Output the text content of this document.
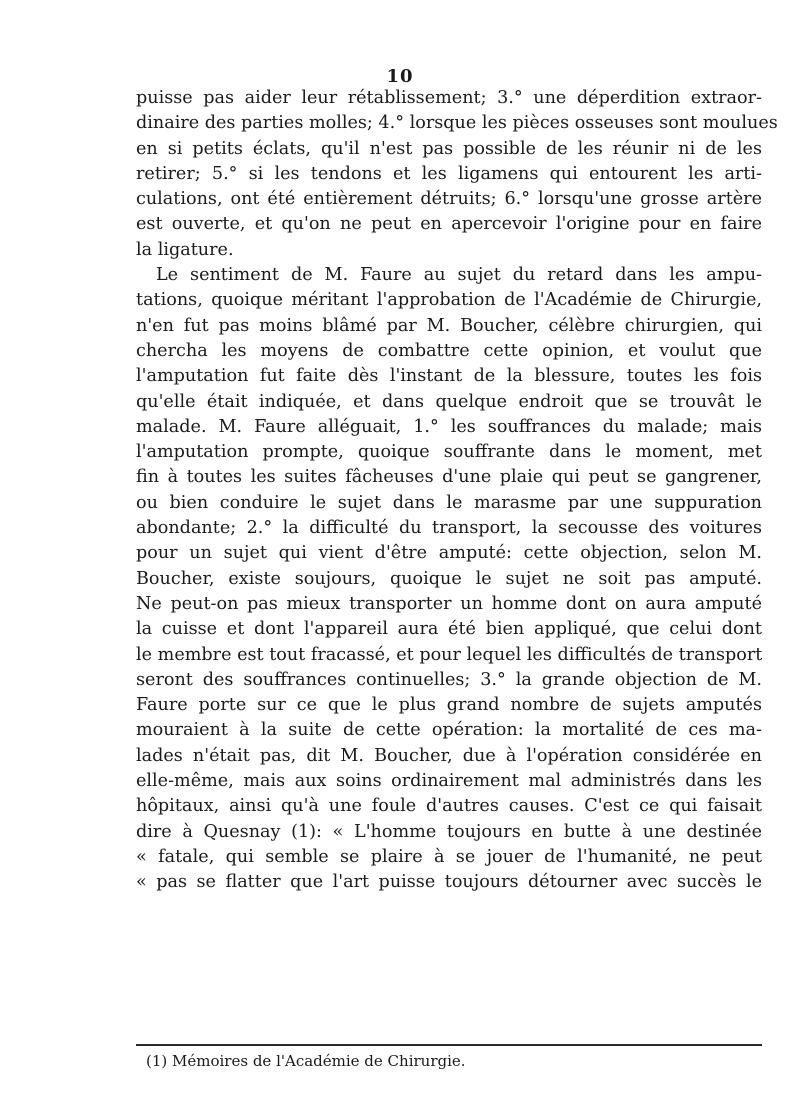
10
puisse pas aider leur rétablissement; 3.° une déperdition extraor-
dinaire des parties molles; 4.° lorsque les pièces osseuses sont moulues
en si petits éclats, qu'il n'est pas possible de les réunir ni de les
retirer; 5.° si les tendons et les ligamens qui entourent les arti-
culations, ont été entièrement détruits; 6.° lorsqu'une grosse artère
est ouverte, et qu'on ne peut en apercevoir l'origine pour en faire
la ligature.
Le sentiment de M. Faure au sujet du retard dans les ampu-
tations, quoique méritant l'approbation de l'Académie de Chirurgie,
n'en fut pas moins blâmé par M. Boucher, célèbre chirurgien, qui
chercha les moyens de combattre cette opinion, et voulut que
l'amputation fut faite dès l'instant de la blessure, toutes les fois
qu'elle était indiquée, et dans quelque endroit que se trouvât le
malade. M. Faure alléguait, 1.° les souffrances du malade; mais
l'amputation prompte, quoique souffrante dans le moment, met
fin à toutes les suites fâcheuses d'une plaie qui peut se gangrener,
ou bien conduire le sujet dans le marasme par une suppuration
abondante; 2.° la difficulté du transport, la secousse des voitures
pour un sujet qui vient d'être amputé: cette objection, selon M.
Boucher, existe soujours, quoique le sujet ne soit pas amputé.
Ne peut-on pas mieux transporter un homme dont on aura amputé
la cuisse et dont l'appareil aura été bien appliqué, que celui dont
le membre est tout fracassé, et pour lequel les difficultés de transport
seront des souffrances continuelles; 3.° la grande objection de M.
Faure porte sur ce que le plus grand nombre de sujets amputés
mouraient à la suite de cette opération: la mortalité de ces ma-
lades n'était pas, dit M. Boucher, due à l'opération considérée en
elle-même, mais aux soins ordinairement mal administrés dans les
hôpitaux, ainsi qu'à une foule d'autres causes. C'est ce qui faisait
dire à Quesnay (1): « L'homme toujours en butte à une destinée
« fatale, qui semble se plaire à se jouer de l'humanité, ne peut
« pas se flatter que l'art puisse toujours détourner avec succès le
(1) Mémoires de l'Académie de Chirurgie.
